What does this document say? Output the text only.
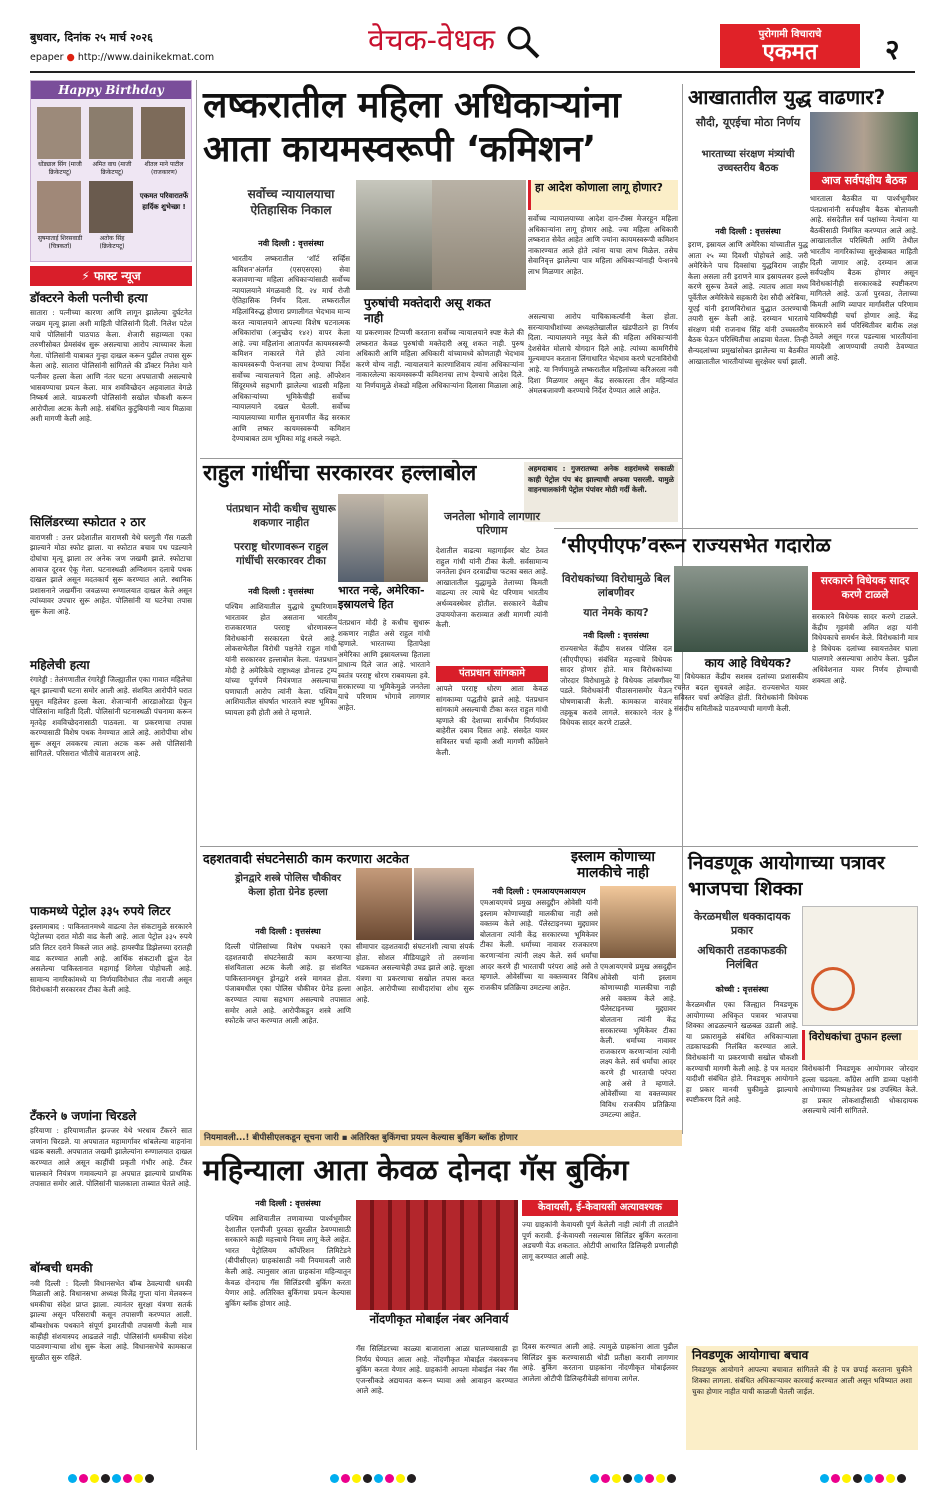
बुधवार, दिनांक २५ मार्च २०२६
epaper ● http://www.dainikekmat.com	वेचक-वेधक	पुरोगामी विचाराचे
एकमत	२
Happy Birthday
धोंड्याल सिंग (माजी क्रिकेटपटू)
अमित वाघ (माजी क्रिकेटपटू)
शीतल माने पाटील (राजकारण)
सुषमाताई शिरसवाडी (चित्रकर्ता)
अतोक सिंह (क्रिकेटपटू)
एकमत परिवारातर्फे हार्दिक शुभेच्छा !
⚡ फास्ट न्यूज
डॉक्टरने केली पत्नीची हत्या
सातारा : पत्नीच्या कारणा आणि लागून झालेल्या दुर्घटनेत जखम मृत्यू झाला अशी माहिती पोलिसांनी दिली. निलेश पटेल याचे पोलिसांनी पाठपाठ केला. शेजारी सहाय्यता एका तरुणीसोबत प्रेमसंबंध सुरू असल्याचा आरोप त्याच्यावर केला गेला. पोलिसांनी याबाबत गुन्हा दाखल करून पुढील तपास सुरू केला आहे. सातारा पोलिसांनी सांगितले की डॉक्टर निलेश याने पत्नीवर हल्ला केला आणि नंतर घटना अपघाताची असल्याचे भासवण्याचा प्रयत्न केला. मात्र शवविच्छेदन अहवालात वेगळे निष्कर्ष आले. याप्रकरणी पोलिसांनी सखोल चौकशी करून आरोपीला अटक केली आहे. संबंधित कुटुंबियांनी न्याय मिळावा अशी मागणी केली आहे.
सिलिंडरच्या स्फोटात २ ठार
वाराणसी : उत्तर प्रदेशातील वाराणसी येथे घरगुती गॅस गळती झाल्याने मोठा स्फोट झाला. या स्फोटात बचाव पथ पडल्याने दोघांचा मृत्यू झाला तर अनेक जण जखमी झाले. स्फोटाचा आवाज दूरवर ऐकू गेला. घटनास्थळी अग्निशमन दलाचे पथक दाखल झाले असून मदतकार्य सुरू करण्यात आले. स्थानिक प्रशासनाने जखमींना जवळच्या रुग्णालयात दाखल केले असून त्यांच्यावर उपचार सुरू आहेत. पोलिसांनी या घटनेचा तपास सुरू केला आहे.
महिलेची हत्या
रंगारेड्डी : तेलंगणातील रंगारेड्डी जिल्ह्यातील एका गावात महिलेचा खून झाल्याची घटना समोर आली आहे. संशयित आरोपीने घरात घुसून महिलेवर हल्ला केला. शेजाऱ्यांनी आरडाओरडा ऐकून पोलिसांना माहिती दिली. पोलिसांनी घटनास्थळी पंचनामा करून मृतदेह शवविच्छेदनासाठी पाठवला. या प्रकरणाचा तपास करण्यासाठी विशेष पथक नेमण्यात आले आहे. आरोपीचा शोध सुरू असून लवकरच त्याला अटक करू असे पोलिसांनी सांगितले. परिसरात भीतीचे वातावरण आहे.
पाकमध्ये पेट्रोल ३३५ रुपये लिटर
इस्लामाबाद : पाकिस्तानमध्ये वाढत्या तेल संकटामुळे सरकारने पेट्रोलच्या दरात मोठी वाढ केली आहे. आता पेट्रोल ३३५ रुपये प्रति लिटर दराने विकले जात आहे. हायस्पीड डिझेलच्या दरातही वाढ करण्यात आली आहे. आर्थिक संकटाशी झुंज देत असलेल्या पाकिस्तानात महागाई शिगेला पोहोचली आहे. सामान्य नागरिकांमध्ये या निर्णयाविरोधात तीव्र नाराजी असून विरोधकांनी सरकारवर टीका केली आहे.
टँकरने ७ जणांना चिरडले
हरियाणा : हरियाणातील झज्जर येथे भरधाव टँकरने सात जणांना चिरडले. या अपघातात महामार्गावर थांबलेल्या वाहनांना धडक बसली. अपघातात जखमी झालेल्यांना रुग्णालयात दाखल करण्यात आले असून काहींची प्रकृती गंभीर आहे. टँकर चालकाने नियंत्रण गमावल्याने हा अपघात झाल्याचे प्राथमिक तपासात समोर आले. पोलिसांनी चालकाला ताब्यात घेतले आहे.
बॉम्बची धमकी
नवी दिल्ली : दिल्ली विधानसभेत बॉम्ब ठेवल्याची धमकी मिळाली आहे. विधानसभा अध्यक्ष विजेंद्र गुप्ता यांना मेलवरून धमकीचा संदेश प्राप्त झाला. त्यानंतर सुरक्षा यंत्रणा सतर्क झाल्या असून परिसराची कसून तपासणी करण्यात आली. बॉम्बशोधक पथकाने संपूर्ण इमारतीची तपासणी केली मात्र काहीही संशयास्पद आढळले नाही. पोलिसांनी धमकीचा संदेश पाठवणाऱ्याचा शोध सुरू केला आहे. विधानसभेचे कामकाज सुरळीत सुरू राहिले.
लष्करातील महिला अधिकाऱ्यांना
आता कायमस्वरूपी ‘कमिशन’
सर्वोच्च न्यायालयाचा ऐतिहासिक निकाल
पुरुषांची मक्तेदारी असू शकत नाही
नवी दिल्ली : वृत्तसंस्था
भारतीय लष्करातील ‘शॉर्ट सर्व्हिस कमिशन’अंतर्गत (एसएसएस) सेवा बजावणाऱ्या महिला अधिकाऱ्यांसाठी सर्वोच्च न्यायालयाने मंगळवारी दि. २४ मार्च रोजी ऐतिहासिक निर्णय दिला. लष्करातील महिलांविरुद्ध होणारा प्रणालीगत भेदभाव मान्य करत न्यायालयाने आपल्या विशेष घटनात्मक अधिकारांचा (अनुच्छेद १४२) वापर केला आहे. ज्या महिलांना आतापर्यंत कायमस्वरूपी कमिशन नाकारले गेले होते त्यांना कायमस्वरूपी पेन्शनचा लाभ देण्याचा निर्देश सर्वोच्च न्यायालयाने दिला आहे. ऑपरेशन सिंदूरमध्ये सहभागी झालेल्या धाडसी महिला अधिकाऱ्यांच्या भूमिकेचीही सर्वोच्च न्यायालयाने दखल घेतली. सर्वोच्च न्यायालयाच्या मागील सुनावणीत केंद्र सरकार आणि लष्कर कायमस्वरूपी कमिशन देण्याबाबत ठाम भूमिका मांडू शकले नव्हते.
या प्रकरणावर टिप्पणी करताना सर्वोच्च न्यायालयाने स्पष्ट केले की लष्करात केवळ पुरुषांची मक्तेदारी असू शकत नाही. पुरुष अधिकारी आणि महिला अधिकारी यांच्यामध्ये कोणताही भेदभाव करणे योग्य नाही. न्यायालयाने कारणाशिवाय त्यांना अधिकाऱ्यांना नाकारलेल्या कायमस्वरूपी कमिशनचा लाभ देण्याचे आदेश दिले. या निर्णयामुळे शेकडो महिला अधिकाऱ्यांना दिलासा मिळाला आहे.
हा आदेश कोणाला लागू होणार?
सर्वोच्च न्यायालयाच्या आदेश दान-टॅक्स मेजरहून महिला अधिकाऱ्यांना लागू होणार आहे. ज्या महिला अधिकारी लष्करात सेवेत आहेत आणि ज्यांना कायमस्वरूपी कमिशन नाकारण्यात आले होते त्यांना याचा लाभ मिळेल. तसेच सेवानिवृत्त झालेल्या पात्र महिला अधिकाऱ्यांनाही पेन्शनचे लाभ मिळणार आहेत.
असल्याचा आरोप याचिकाकर्त्यांनी केला होता. सरन्यायाधीशांच्या अध्यक्षतेखालील खंडपीठाने हा निर्णय दिला. न्यायालयाने नमूद केले की महिला अधिकाऱ्यांनी देशसेवेत मोलाचे योगदान दिले आहे. त्यांच्या कामगिरीचे मूल्यमापन करताना लिंगाधारित भेदभाव करणे घटनाविरोधी आहे. या निर्णयामुळे लष्करातील महिलांच्या करिअरला नवी दिशा मिळणार असून केंद्र सरकारला तीन महिन्यांत अंमलबजावणी करण्याचे निर्देश देण्यात आले आहेत.
आखातातील युद्ध वाढणार?
सौदी, यूएईचा मोठा निर्णय
भारताच्या संरक्षण मंत्र्यांची उच्चस्तरीय बैठक
आज सर्वपक्षीय बैठक
नवी दिल्ली : वृत्तसंस्था
इराण, इस्रायल आणि अमेरिका यांच्यातील युद्ध आता २५ व्या दिवशी पोहोचले आहे. जरी अमेरिकेने पाच दिवसांचा युद्धविराम जाहीर केला असला तरी इराणने मात्र इस्रायलवर हल्ले करणे सुरूच ठेवले आहे. त्यातच आता मध्य पूर्वेतील अमेरिकेचे सहकारी देश सौदी अरेबिया, यूएई यांनी इराणविरोधात युद्धात उतरण्याची तयारी सुरू केली आहे. दरम्यान भारताचे संरक्षण मंत्री राजनाथ सिंह यांनी उच्चस्तरीय बैठक घेऊन परिस्थितीचा आढावा घेतला. तिन्ही सैन्यदलांच्या प्रमुखांसोबत झालेल्या या बैठकीत आखातातील भारतीयांच्या सुरक्षेवर चर्चा झाली.
भारताला बैठकीत या पार्श्वभूमीवर पंतप्रधानांनी सर्वपक्षीय बैठक बोलावली आहे. संसदेतील सर्व पक्षांच्या नेत्यांना या बैठकीसाठी निमंत्रित करण्यात आले आहे. आखातातील परिस्थिती आणि तेथील भारतीय नागरिकांच्या सुरक्षेबाबत माहिती दिली जाणार आहे. दरम्यान आज सर्वपक्षीय बैठक होणार असून विरोधकांनीही सरकारकडे स्पष्टीकरण मागितले आहे. ऊर्जा पुरवठा, तेलाच्या किमती आणि व्यापार मार्गांवरील परिणाम याविषयीही चर्चा होणार आहे. केंद्र सरकारने सर्व परिस्थितीवर बारीक लक्ष ठेवले असून गरज पडल्यास भारतीयांना मायदेशी आणण्याची तयारी ठेवण्यात आली आहे.
राहुल गांधींचा सरकारवर हल्लाबोल	अहमदाबाद : गुजरातच्या अनेक शहरांमध्ये सकाळी काही पेट्रोल पंप बंद झाल्याची अफवा पसरली. यामुळे वाहनचालकांनी पेट्रोल पंपांवर मोठी गर्दी केली.
पंतप्रधान मोदी कधीच सुधारू शकणार नाहीत
परराष्ट्र धोरणावरून राहुल गांधींची सरकारवर टीका
भारत नव्हे, अमेरिका-इस्रायलचे हित
जनतेला भोगावे लागणार परिणाम
नवी दिल्ली : वृत्तसंस्था
पश्चिम आशियातील युद्धाचे दुष्परिणाम भारतावर होत असताना भारतीय राजकारणात परराष्ट्र धोरणावरून विरोधकांनी सरकारला घेरले आहे. लोकसभेतील विरोधी पक्षनेते राहुल गांधी यांनी सरकारवर हल्लाबोल केला. पंतप्रधान मोदी हे अमेरिकेचे राष्ट्राध्यक्ष डोनाल्ड ट्रम्प यांच्या पूर्णपणे नियंत्रणात असल्याचा घणाघाती आरोप त्यांनी केला. पश्चिम आशियातील संघर्षात भारताने स्पष्ट भूमिका घ्यायला हवी होती असे ते म्हणाले.
पंतप्रधान मोदी हे कधीच सुधारू शकणार नाहीत असे राहुल गांधी म्हणाले. भारताच्या हितापेक्षा अमेरिका आणि इस्रायलच्या हिताला प्राधान्य दिले जात आहे. भारताने स्वतंत्र परराष्ट्र धोरण राबवायला हवे. सरकारच्या या भूमिकेमुळे जनतेला याचे परिणाम भोगावे लागणार आहेत.
देशातील वाढत्या महागाईवर बोट ठेवत राहुल गांधी यांनी टीका केली. सर्वसामान्य जनतेला इंधन दरवाढीचा फटका बसत आहे. आखातातील युद्धामुळे तेलाच्या किमती वाढल्या तर त्याचे थेट परिणाम भारतीय अर्थव्यवस्थेवर होतील. सरकारने वेळीच उपाययोजना कराव्यात अशी मागणी त्यांनी केली.
पंतप्रधान सांगकामे
आपले परराष्ट्र धोरण आता केवळ सांगकाम्या पद्धतीचे झाले आहे. पंतप्रधान सांगकामे असल्याची टीका करत राहुल गांधी म्हणाले की देशाच्या सार्वभौम निर्णयांवर बाहेरील दबाव दिसत आहे. संसदेत यावर सविस्तर चर्चा व्हावी अशी मागणी काँग्रेसने केली.
‘सीएपीएफ’वरून राज्यसभेत गदारोळ
विरोधकांच्या विरोधामुळे बिल लांबणीवर
यात नेमके काय?
काय आहे विधेयक?
नवी दिल्ली : वृत्तसंस्था
राज्यसभेत केंद्रीय सशस्त्र पोलिस दल (सीएपीएफ) संबंधित महत्त्वाचे विधेयक सादर होणार होते. मात्र विरोधकांच्या जोरदार विरोधामुळे हे विधेयक लांबणीवर पडले. विरोधकांनी पीठासनासमोर येऊन घोषणाबाजी केली. कामकाज वारंवार तहकूब करावे लागले. सरकारने नंतर हे विधेयक सादर करणे टाळले.
या विधेयकात केंद्रीय सशस्त्र दलांच्या प्रशासकीय रचनेत बदल सुचवले आहेत. राज्यसभेत यावर सविस्तर चर्चा अपेक्षित होती. विरोधकांनी विधेयक संसदीय समितीकडे पाठवण्याची मागणी केली.
सरकारने विधेयक सादर करणे टाळले
सरकारने विधेयक सादर करणे टाळले. केंद्रीय गृहमंत्री अमित शहा यांनी विधेयकाचे समर्थन केले. विरोधकांनी मात्र हे विधेयक दलांच्या स्वायत्ततेवर घाला घालणारे असल्याचा आरोप केला. पुढील अधिवेशनात यावर निर्णय होण्याची शक्यता आहे.
दहशतवादी संघटनेसाठी काम करणारा अटकेत
ड्रोनद्वारे शस्त्रे पोलिस चौकीवर केला होता ग्रेनेड हल्ला
नवी दिल्ली : वृत्तसंस्था
दिल्ली पोलिसांच्या विशेष पथकाने एका दहशतवादी संघटनेसाठी काम करणाऱ्या संशयिताला अटक केली आहे. हा संशयित पाकिस्तानमधून ड्रोनद्वारे शस्त्रे मागवत होता. पंजाबमधील एका पोलिस चौकीवर ग्रेनेड हल्ला करण्यात त्याचा सहभाग असल्याचे तपासात समोर आले आहे. आरोपीकडून शस्त्रे आणि स्फोटके जप्त करण्यात आली आहेत.
सीमापार दहशतवादी संघटनांशी त्याचा संपर्क होता. सोशल मीडियाद्वारे तो तरुणांना भडकवत असल्याचेही उघड झाले आहे. सुरक्षा यंत्रणा या प्रकरणाचा सखोल तपास करत आहेत. आरोपीच्या साथीदारांचा शोध सुरू आहे.
इस्लाम कोणाच्या मालकीचे नाही
नवी दिल्ली : एमआयएमआयएम
एमआयएमचे प्रमुख असदुद्दीन ओवेसी यांनी इस्लाम कोणाच्याही मालकीचा नाही असे वक्तव्य केले आहे. पॅलेस्टाइनच्या मुद्द्यावर बोलताना त्यांनी केंद्र सरकारच्या भूमिकेवर टीका केली. धर्माच्या नावावर राजकारण करणाऱ्यांना त्यांनी लक्ष्य केले. सर्व धर्मांचा आदर करणे ही भारताची परंपरा आहे असे ते म्हणाले. ओवेसींच्या या वक्तव्यावर विविध राजकीय प्रतिक्रिया उमटल्या आहेत.
एमआयएमचे प्रमुख असदुद्दीन ओवेसी यांनी इस्लाम कोणाच्याही मालकीचा नाही असे वक्तव्य केले आहे. पॅलेस्टाइनच्या मुद्द्यावर बोलताना त्यांनी केंद्र सरकारच्या भूमिकेवर टीका केली. धर्माच्या नावावर राजकारण करणाऱ्यांना त्यांनी लक्ष्य केले. सर्व धर्मांचा आदर करणे ही भारताची परंपरा आहे असे ते म्हणाले. ओवेसींच्या या वक्तव्यावर विविध राजकीय प्रतिक्रिया उमटल्या आहेत.
निवडणूक आयोगाच्या पत्रावर भाजपचा शिक्का
केरळमधील धक्कादायक प्रकार
अधिकारी तडकाफडकी निलंबित
कोच्ची : वृत्तसंस्था
केरळमधील एका जिल्ह्यात निवडणूक आयोगाच्या अधिकृत पत्रावर भाजपचा शिक्का आढळल्याने खळबळ उडाली आहे. या प्रकारामुळे संबंधित अधिकाऱ्याला तडकाफडकी निलंबित करण्यात आले. विरोधकांनी या प्रकरणाची सखोल चौकशी करण्याची मागणी केली आहे. हे पत्र मतदार यादीशी संबंधित होते. निवडणूक आयोगाने हा प्रकार मानवी चुकीमुळे झाल्याचे स्पष्टीकरण दिले आहे.
विरोधकांचा तुफान हल्ला
विरोधकांनी निवडणूक आयोगावर जोरदार हल्ला चढवला. काँग्रेस आणि डाव्या पक्षांनी आयोगाच्या निष्पक्षतेवर प्रश्न उपस्थित केले. हा प्रकार लोकशाहीसाठी धोकादायक असल्याचे त्यांनी सांगितले.
निवडणूक आयोगाचा बचाव
निवडणूक आयोगाने आपल्या बचावात सांगितले की हे पत्र छपाई करताना चुकीने शिक्का लागला. संबंधित अधिकाऱ्यावर कारवाई करण्यात आली असून भविष्यात अशा चुका होणार नाहीत याची काळजी घेतली जाईल.
नियमावली...! बीपीसीएलकडून सूचना जारी ▪ अतिरिक्त बुकिंगचा प्रयत्न केल्यास बुकिंग ब्लॉक होणार
महिन्याला आता केवळ दोनदा गॅस बुकिंग
नवी दिल्ली : वृत्तसंस्था
पश्चिम आशियातील तणावाच्या पार्श्वभूमीवर देशातील एलपीजी पुरवठा सुरळीत ठेवण्यासाठी सरकारने काही महत्त्वाचे नियम लागू केले आहेत. भारत पेट्रोलियम कॉर्पोरेशन लिमिटेडने (बीपीसीएल) ग्राहकांसाठी नवी नियमावली जारी केली आहे. त्यानुसार आता ग्राहकांना महिन्यातून केवळ दोनदाच गॅस सिलिंडरची बुकिंग करता येणार आहे. अतिरिक्त बुकिंगचा प्रयत्न केल्यास बुकिंग ब्लॉक होणार आहे.
नोंदणीकृत मोबाईल नंबर अनिवार्य
गॅस सिलिंडरच्या काळ्या बाजाराला आळा घालण्यासाठी हा निर्णय घेण्यात आला आहे. नोंदणीकृत मोबाईल नंबरवरूनच बुकिंग करता येणार आहे. ग्राहकांनी आपला मोबाईल नंबर गॅस एजन्सीकडे अद्ययावत करून घ्यावा असे आवाहन करण्यात आले आहे.
केवायसी, ई-केवायसी अत्यावश्यक
ज्या ग्राहकांनी केवायसी पूर्ण केलेली नाही त्यांनी ती तातडीने पूर्ण करावी. ई-केवायसी नसल्यास सिलिंडर बुकिंग करताना अडचणी येऊ शकतात. ओटीपी आधारित डिलिव्हरी प्रणालीही लागू करण्यात आली आहे.
दिवस करण्यात आली आहे. त्यामुळे ग्राहकांना आता पुढील सिलिंडर बुक करण्यासाठी थोडी प्रतीक्षा करावी लागणार आहे. बुकिंग करताना ग्राहकांना नोंदणीकृत मोबाईलवर आलेला ओटीपी डिलिव्हरीवेळी सांगावा लागेल.
